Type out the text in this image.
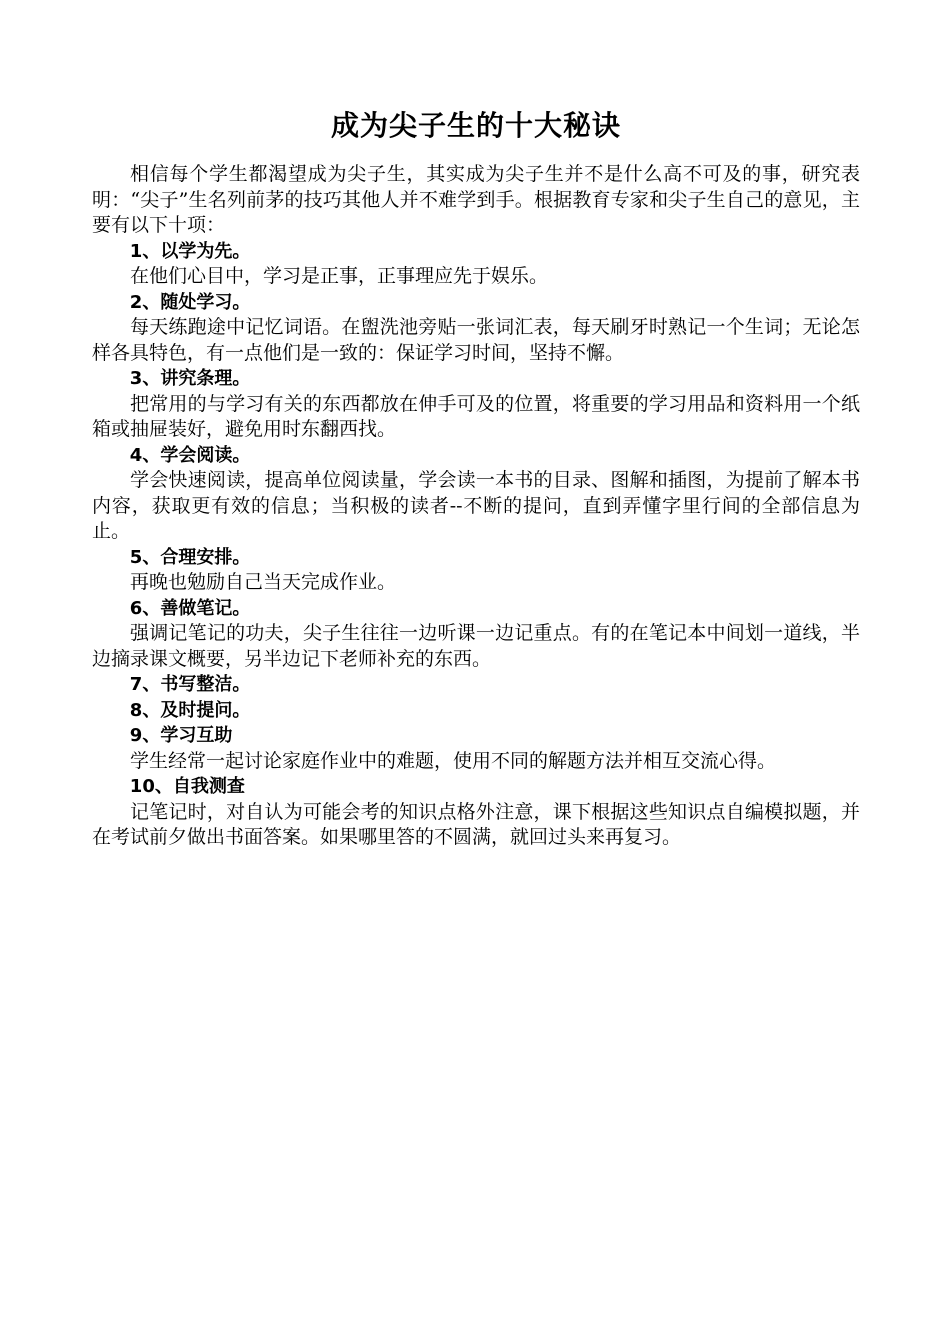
成为尖子生的十大秘诀

相信每个学生都渴望成为尖子生，其实成为尖子生并不是什么高不可及的事，研究表明：“尖子”生名列前茅的技巧其他人并不难学到手。根据教育专家和尖子生自己的意见，主要有以下十项：

1、以学为先。

在他们心目中，学习是正事，正事理应先于娱乐。

2、随处学习。

每天练跑途中记忆词语。在盥洗池旁贴一张词汇表，每天刷牙时熟记一个生词；无论怎样各具特色，有一点他们是一致的：保证学习时间，坚持不懈。

3、讲究条理。

把常用的与学习有关的东西都放在伸手可及的位置，将重要的学习用品和资料用一个纸箱或抽屉装好，避免用时东翻西找。

4、学会阅读。

学会快速阅读，提高单位阅读量，学会读一本书的目录、图解和插图，为提前了解本书内容，获取更有效的信息；当积极的读者--不断的提问，直到弄懂字里行间的全部信息为止。

5、合理安排。

再晚也勉励自己当天完成作业。

6、善做笔记。

强调记笔记的功夫，尖子生往往一边听课一边记重点。有的在笔记本中间划一道线，半边摘录课文概要，另半边记下老师补充的东西。

7、书写整洁。
8、及时提问。
9、学习互助

学生经常一起讨论家庭作业中的难题，使用不同的解题方法并相互交流心得。

10、自我测查

记笔记时，对自认为可能会考的知识点格外注意，课下根据这些知识点自编模拟题，并在考试前夕做出书面答案。如果哪里答的不圆满，就回过头来再复习。
